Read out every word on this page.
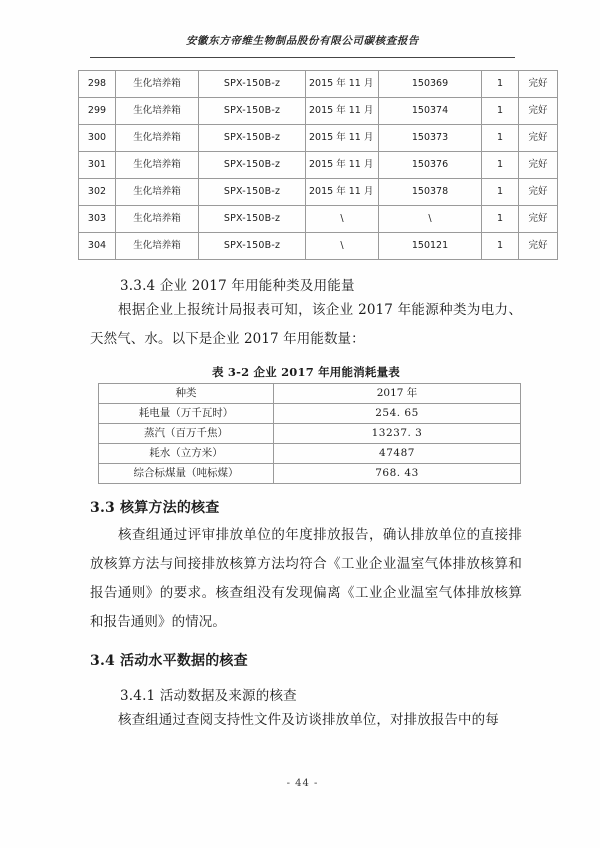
安徽东方帝维生物制品股份有限公司碳核查报告
298	生化培养箱	SPX-150B-z	2015 年 11 月	150369	1	完好
299	生化培养箱	SPX-150B-z	2015 年 11 月	150374	1	完好
300	生化培养箱	SPX-150B-z	2015 年 11 月	150373	1	完好
301	生化培养箱	SPX-150B-z	2015 年 11 月	150376	1	完好
302	生化培养箱	SPX-150B-z	2015 年 11 月	150378	1	完好
303	生化培养箱	SPX-150B-z	\	\	1	完好
304	生化培养箱	SPX-150B-z	\	150121	1	完好
3.3.4 企业 2017 年用能种类及用能量

根据企业上报统计局报表可知，该企业 2017 年能源种类为电力、天然气、水。以下是企业 2017 年用能数量：

表 3-2 企业 2017 年用能消耗量表
种类	2017 年
耗电量（万千瓦时）	254. 65
蒸汽（百万千焦）	13237. 3
耗水（立方米）	47487
综合标煤量（吨标煤）	768. 43
3.3 核算方法的核查

核查组通过评审排放单位的年度排放报告，确认排放单位的直接排放核算方法与间接排放核算方法均符合《工业企业温室气体排放核算和报告通则》的要求。核查组没有发现偏离《工业企业温室气体排放核算和报告通则》的情况。

3.4 活动水平数据的核查
3.4.1 活动数据及来源的核查

核查组通过查阅支持性文件及访谈排放单位，对排放报告中的每

- 44 -
